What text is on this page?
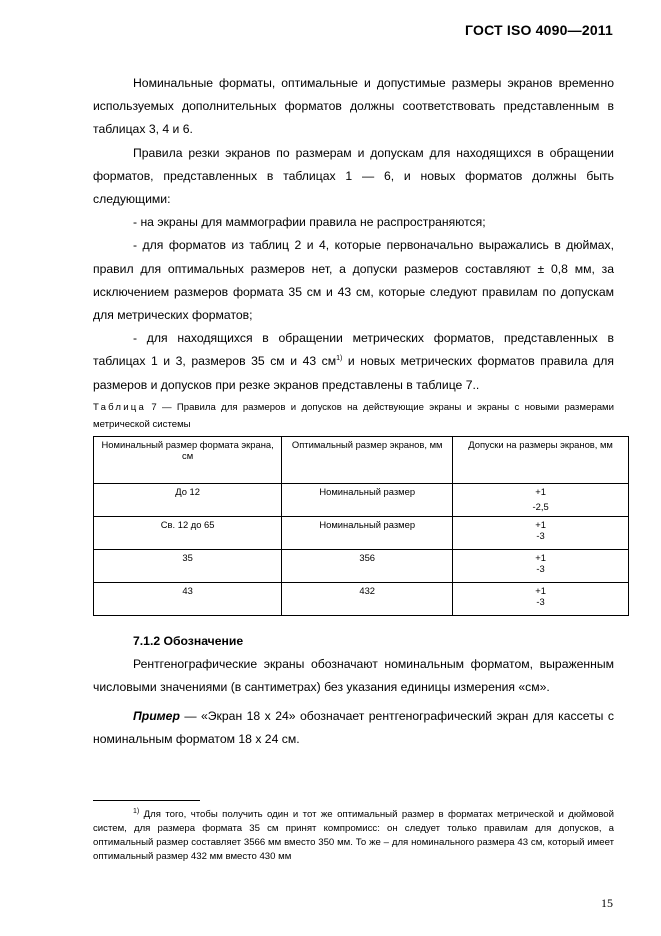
ГОСТ ISO 4090—2011

Номинальные форматы, оптимальные и допустимые размеры экранов временно используемых дополнительных форматов должны соответствовать представленным в таблицах 3, 4 и 6.

Правила резки экранов по размерам и допускам для находящихся в обращении форматов, представленных в таблицах 1 — 6, и новых форматов должны быть следующими:

- на экраны для маммографии правила не распространяются;

- для форматов из таблиц 2 и 4, которые первоначально выражались в дюймах, правил для оптимальных размеров нет, а допуски размеров составляют ± 0,8 мм, за исключением размеров формата 35 см и 43 см, которые следуют правилам по допускам для метрических форматов;

- для находящихся в обращении метрических форматов, представленных в таблицах 1 и 3, размеров 35 см и 43 $см^{1)}$ и новых метрических форматов правила для размеров и допусков при резке экранов представлены в таблице 7..

Таблица 7 — Правила для размеров и допусков на действующие экраны и экраны с новыми размерами метрической системы
Номинальный размер формата экрана, см	Оптимальный размер экранов, мм	Допуски на размеры экранов, мм
До 12	Номинальный размер	+1
-2,5

Св. 12 до 65	Номинальный размер	+1
-3

35	356	+1
-3

43	432	+1
-3
7.1.2 Обозначение

Рентгенографические экраны обозначают номинальным форматом, выраженным числовыми значениями (в сантиметрах) без указания единицы измерения «см».

Пример — «Экран 18 х 24» обозначает рентгенографический экран для кассеты с номинальным форматом 18 х 24 см.

$^{1)}$ Для того, чтобы получить один и тот же оптимальный размер в форматах метрической и дюймовой систем, для размера формата 35 см принят компромисс: он следует только правилам для допусков, а оптимальный размер составляет 3566 мм вместо 350 мм. То же – для номинального размера 43 см, который имеет оптимальный размер 432 мм вместо 430 мм
15
